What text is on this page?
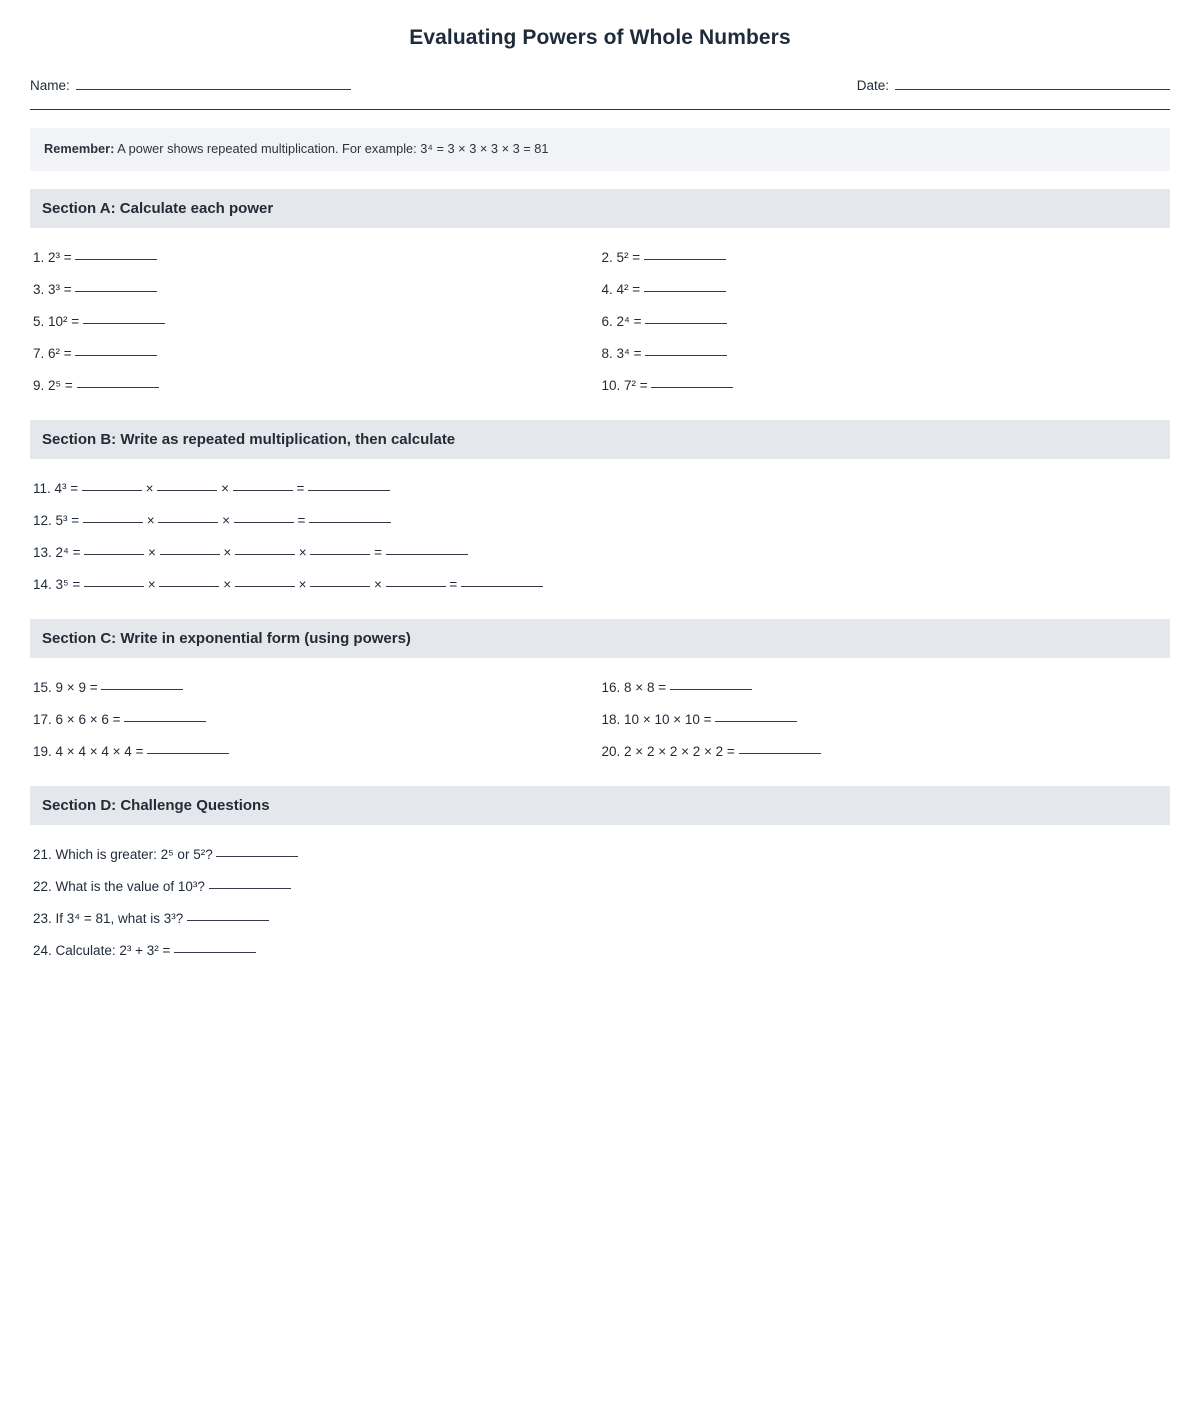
Evaluating Powers of Whole Numbers
Name:	Date:
Remember: A power shows repeated multiplication. For example: 3⁴ = 3 × 3 × 3 × 3 = 81
Section A: Calculate each power
1. 2³ =	2. 5² =
3. 3³ =	4. 4² =
5. 10² =	6. 2⁴ =
7. 6² =	8. 3⁴ =
9. 2⁵ =	10. 7² =
Section B: Write as repeated multiplication, then calculate
11. 4³ =	×	×	=
12. 5³ =	×	×	=
13. 2⁴ =	×	×	×	=
14. 3⁵ =	×	×	×	×	=
Section C: Write in exponential form (using powers)
15. 9 × 9 =	16. 8 × 8 =
17. 6 × 6 × 6 =	18. 10 × 10 × 10 =
19. 4 × 4 × 4 × 4 =	20. 2 × 2 × 2 × 2 × 2 =
Section D: Challenge Questions
21. Which is greater: 2⁵ or 5²?
22. What is the value of 10³?
23. If 3⁴ = 81, what is 3³?
24. Calculate: 2³ + 3² =
